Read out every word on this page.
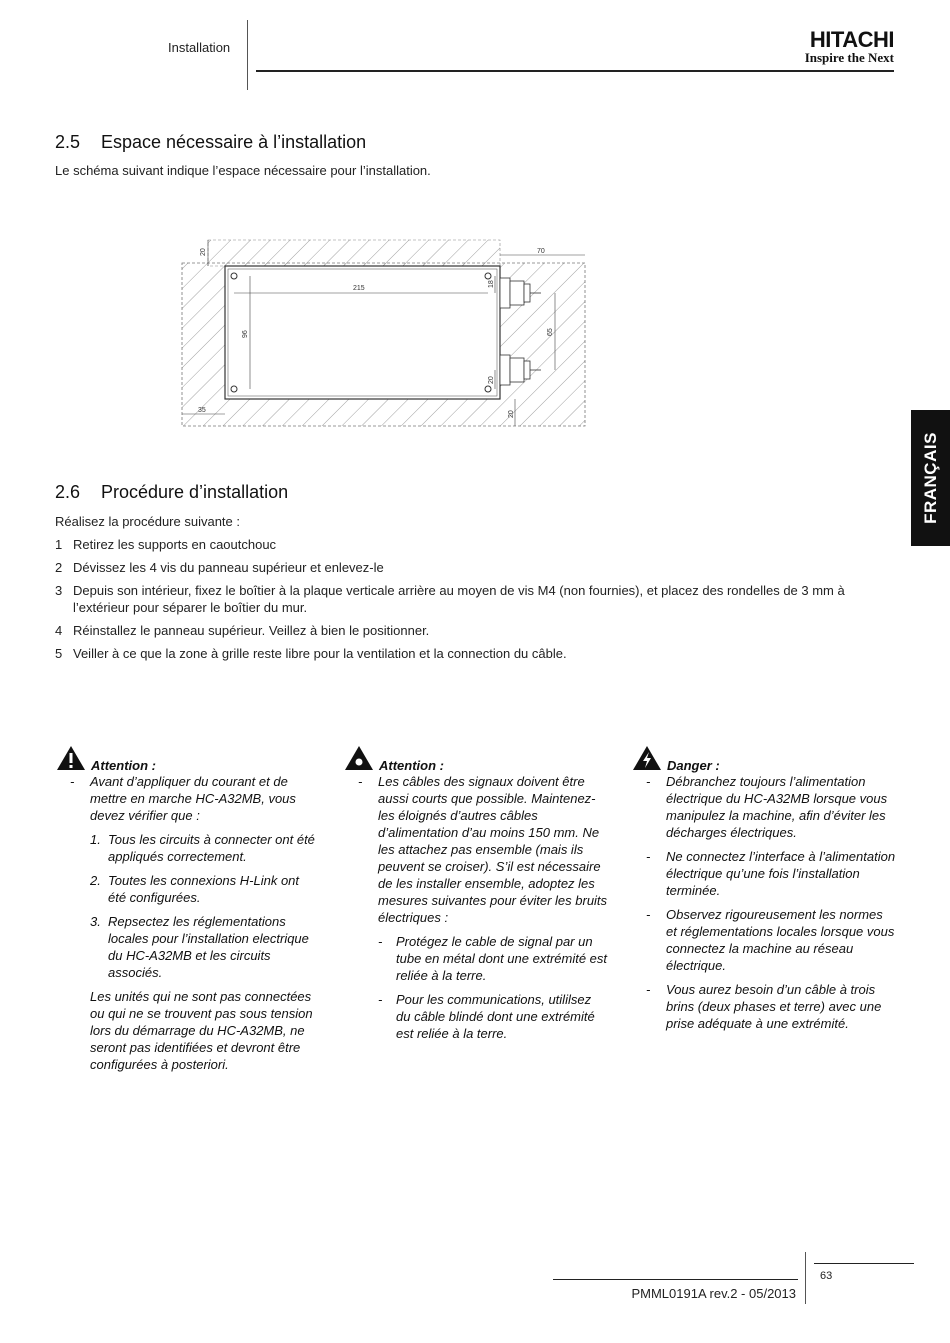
Installation	HITACHI
Inspire the Next
FRANÇAIS
2.5 Espace nécessaire à l’installation
Le schéma suivant indique l’espace nécessaire pour l’installation.
20	70
215
96
18
65
20
35	20
2.6 Procédure d’installation
Réalisez la procédure suivante :
1 Retirez les supports en caoutchouc
2 Dévissez les 4 vis du panneau supérieur et enlevez-le
3 Depuis son intérieur, fixez le boîtier à la plaque verticale arrière au moyen de vis M4 (non fournies), et placez des rondelles de 3 mm à l’extérieur pour séparer le boîtier du mur.
4 Réinstallez le panneau supérieur. Veillez à bien le positionner.
5 Veiller à ce que la zone à grille reste libre pour la ventilation et la connection du câble.
Attention :
- Avant d’appliquer du courant et de mettre en marche HC-A32MB, vous devez vérifier que :
1. Tous les circuits à connecter ont été appliqués correctement.
2. Toutes les connexions H-Link ont été configurées.
3. Repsectez les réglementations locales pour l’installation electrique du HC-A32MB et les circuits associés.
Les unités qui ne sont pas connectées ou qui ne se trouvent pas sous tension lors du démarrage du HC-A32MB, ne seront pas identifiées et devront être configurées à posteriori.
Attention :
- Les câbles des signaux doivent être aussi courts que possible. Maintenez-les éloignés d’autres câbles d’alimentation d’au moins 150 mm. Ne les attachez pas ensemble (mais ils peuvent se croiser). S’il est nécessaire de les installer ensemble, adoptez les mesures suivantes pour éviter les bruits électriques :
- Protégez le cable de signal par un tube en métal dont une extrémité est reliée à la terre.
- Pour les communications, utililsez du câble blindé dont une extrémité est reliée à la terre.
Danger :
- Débranchez toujours l’alimentation électrique du HC-A32MB lorsque vous manipulez la machine, afin d’éviter les décharges électriques.
- Ne connectez l’interface à l’alimentation électrique qu’une fois l’installation terminée.
- Observez rigoureusement les normes et réglementations locales lorsque vous connectez la machine au réseau électrique.
- Vous aurez besoin d’un câble à trois brins (deux phases et terre) avec une prise adéquate à une extrémité.
PMML0191A rev.2 - 05/2013
63
